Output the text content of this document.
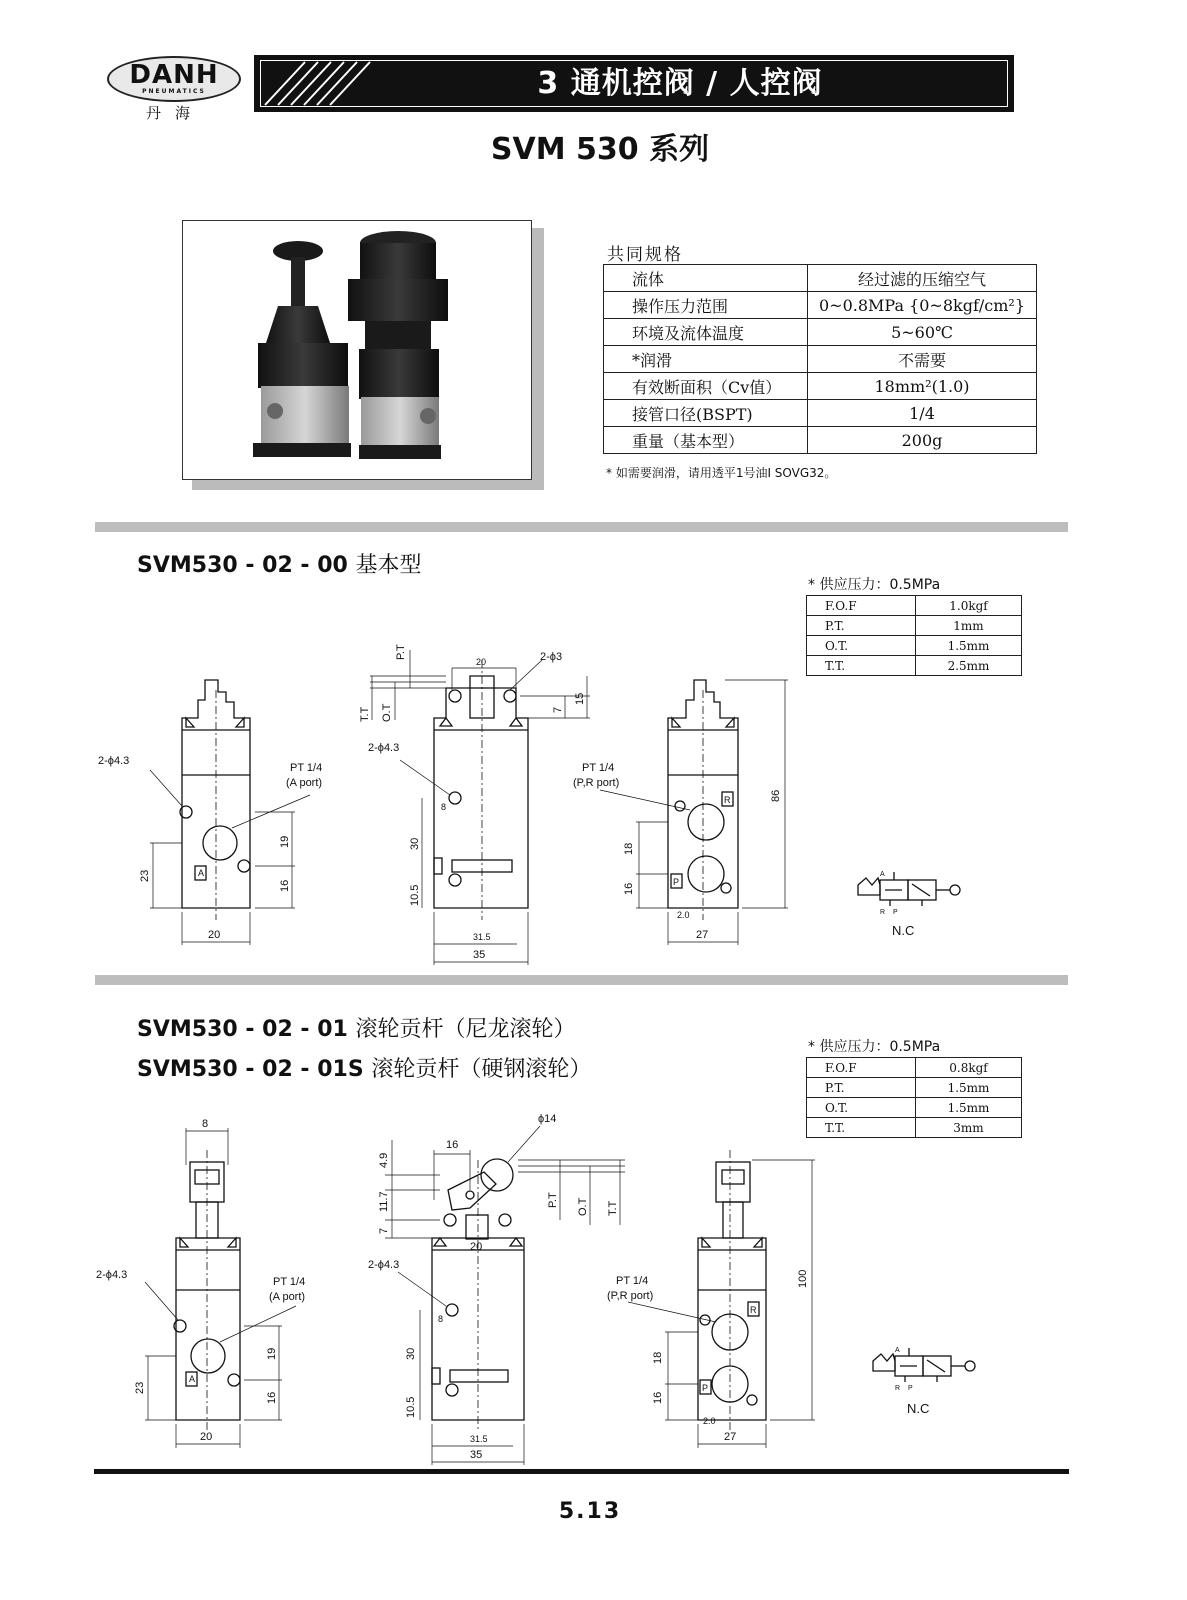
DANH
PNEUMATICS
丹海
3 通机控阀 / 人控阀
SVM 530 系列
共同规格
流体	经过滤的压缩空气
操作压力范围	0~0.8MPa {0~8kgf/cm²}
环境及流体温度	5~60℃
*润滑	不需要
有效断面积（Cv值）	18mm²(1.0)
接管口径(BSPT)	1/4
重量（基本型）	200g
* 如需要润滑，请用透平1号油I SOVG32。
SVM530 - 02 - 00 基本型
* 供应压力：0.5MPa
F.O.F	1.0kgf
P.T.	1mm
O.T.	1.5mm
T.T.	2.5mm
2-ϕ4.3
PT 1/4
(A port)
A
19
16
23
20
P.T
T.T O.T
20	2-ϕ3
15
7
2-ϕ4.3
8
30
10.5
31.5
35
PT 1/4
(P,R port)
R
P
18
16
86
2.0
27
A
R P
N.C
SVM530 - 02 - 01 滚轮贡杆（尼龙滚轮）
SVM530 - 02 - 01S 滚轮贡杆（硬钢滚轮）
* 供应压力：0.5MPa
F.O.F	0.8kgf
P.T.	1.5mm
O.T.	1.5mm
T.T.	3mm
8
2-ϕ4.3
PT 1/4
(A port)
A
19
16
23
20
16
ϕ14
4.9
11.7
7
20
P.T O.T T.T
2-ϕ4.3
8
30
10.5
31.5
35
PT 1/4
(P,R port)
R
P
18
16
100
2.0
27
A
R P
N.C
5.13
